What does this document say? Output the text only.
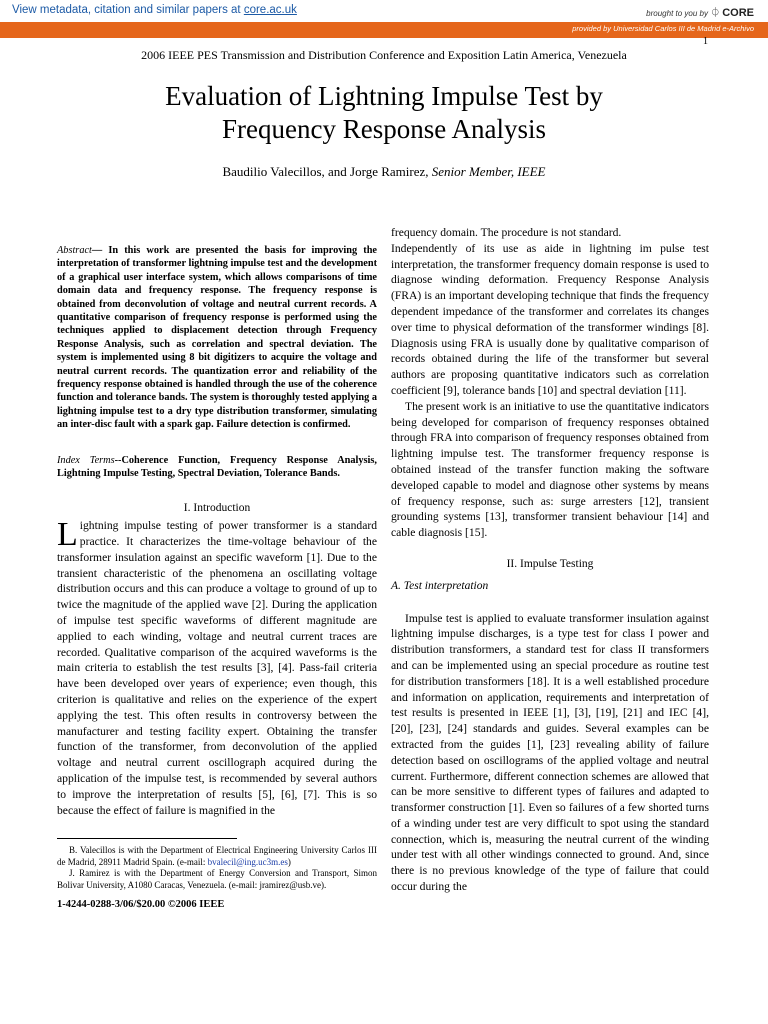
View metadata, citation and similar papers at core.ac.uk	brought to you by ⏀ CORE
provided by Universidad Carlos III de Madrid e-Archivo
1
2006 IEEE PES Transmission and Distribution Conference and Exposition Latin America, Venezuela
Evaluation of Lightning Impulse Test by
Frequency Response Analysis
Baudilio Valecillos, and Jorge Ramirez, Senior Member, IEEE

Abstract— In this work are presented the basis for improving the interpretation of transformer lightning impulse test and the development of a graphical user interface system, which allows comparisons of time domain data and frequency response. The frequency response is obtained from deconvolution of voltage and neutral current records. A quantitative comparison of frequency response is performed using the techniques applied to displacement detection through Frequency Response Analysis, such as correlation and spectral deviation. The system is implemented using 8 bit digitizers to acquire the voltage and neutral current records. The quantization error and reliability of the frequency response obtained is handled through the use of the coherence function and tolerance bands. The system is thoroughly tested applying a lightning impulse test to a dry type distribution transformer, simulating an inter-disc fault with a spark gap. Failure detection is confirmed.

Index Terms--Coherence Function, Frequency Response Analysis, Lightning Impulse Testing, Spectral Deviation, Tolerance Bands.

I. Introduction

Lightning impulse testing of power transformer is a standard practice. It characterizes the time-voltage behaviour of the transformer insulation against an specific waveform [1]. Due to the transient characteristic of the phenomena an oscillating voltage distribution occurs and this can produce a voltage to ground of up to twice the magnitude of the applied wave [2]. During the application of impulse test specific waveforms of different magnitude are applied to each winding, voltage and neutral current traces are recorded. Qualitative comparison of the acquired waveforms is the main criteria to establish the test results [3], [4]. Pass-fail criteria have been developed over years of experience; even though, this criterion is qualitative and relies on the experience of the expert applying the test. This often results in controversy between the manufacturer and testing facility expert. Obtaining the transfer function of the transformer, from deconvolution of the applied voltage and neutral current oscillograph acquired during the application of the impulse test, is recommended by several authors to improve the interpretation of results [5], [6], [7]. This is so because the effect of failure is magnified in the

B. Valecillos is with the Department of Electrical Engineering University Carlos III de Madrid, 28911 Madrid Spain. (e-mail: bvalecil@ing.uc3m.es)

J. Ramirez is with the Department of Energy Conversion and Transport, Simon Bolivar University, A1080 Caracas, Venezuela. (e-mail: jramirez@usb.ve).

1-4244-0288-3/06/$20.00 ©2006 IEEE

frequency domain. The procedure is not standard.

Independently of its use as aide in lightning im pulse test interpretation, the transformer frequency domain response is used to diagnose winding deformation. Frequency Response Analysis (FRA) is an important developing technique that finds the frequency dependent impedance of the transformer and correlates its changes over time to physical deformation of the transformer windings [8]. Diagnosis using FRA is usually done by qualitative comparison of records obtained during the life of the transformer but several authors are proposing quantitative indicators such as correlation coefficient [9], tolerance bands [10] and spectral deviation [11].

The present work is an initiative to use the quantitative indicators being developed for comparison of frequency responses obtained through FRA into comparison of frequency responses obtained from lightning impulse test. The transformer frequency response is obtained instead of the transfer function making the software developed capable to model and diagnose other systems by means of frequency response, such as: surge arresters [12], transient grounding systems [13], transformer transient behaviour [14] and cable diagnosis [15].

II. Impulse Testing

A. Test interpretation

Impulse test is applied to evaluate transformer insulation against lightning impulse discharges, is a type test for class I power and distribution transformers, a standard test for class II transformers and can be implemented using an special procedure as routine test for distribution transformers [18]. It is a well established procedure and information on application, requirements and interpretation of test results is presented in IEEE [1], [3], [19], [21] and IEC [4], [20], [23], [24] standards and guides. Several examples can be extracted from the guides [1], [23] revealing ability of failure detection based on oscillograms of the applied voltage and neutral current. Furthermore, different connection schemes are allowed that can be more sensitive to different types of failures and adapted to transformer construction [1]. Even so failures of a few shorted turns of a winding under test are very difficult to spot using the standard connection, which is, measuring the neutral current of the winding under test with all other windings connected to ground. And, since there is no previous knowledge of the type of failure that could occur during the
